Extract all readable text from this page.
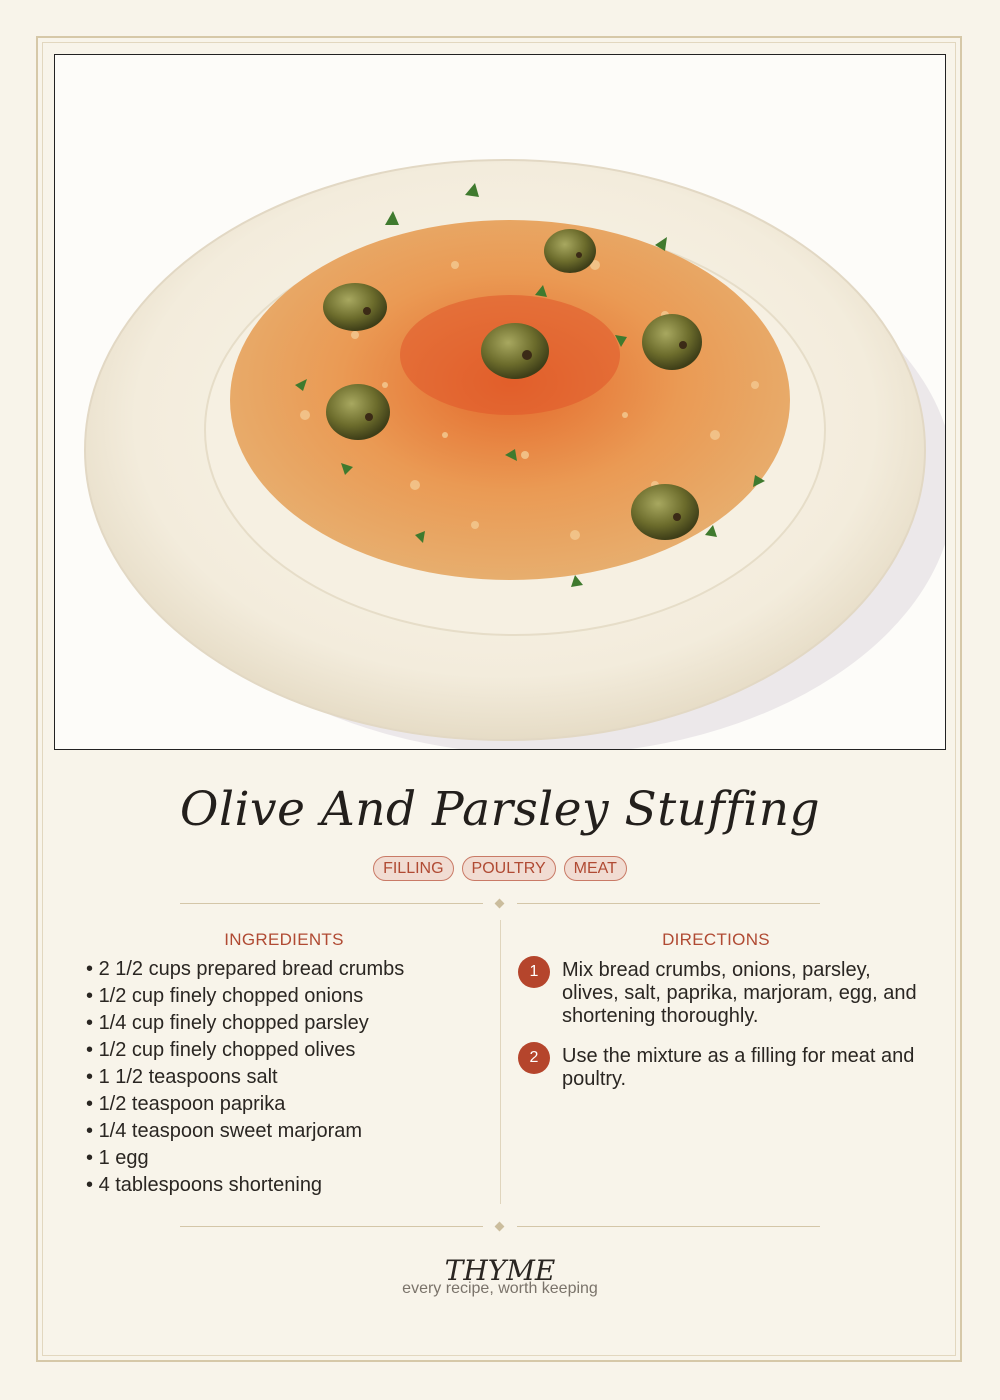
Olive And Parsley Stuffing
FILLING	POULTRY	MEAT
INGREDIENTS
• 2 1/2 cups prepared bread crumbs
• 1/2 cup finely chopped onions
• 1/4 cup finely chopped parsley
• 1/2 cup finely chopped olives
• 1 1/2 teaspoons salt
• 1/2 teaspoon paprika
• 1/4 teaspoon sweet marjoram
• 1 egg
• 4 tablespoons shortening
DIRECTIONS
1	Mix bread crumbs, onions, parsley, olives, salt, paprika, marjoram, egg, and shortening thoroughly.
2	Use the mixture as a filling for meat and poultry.
THYME
every recipe, worth keeping
